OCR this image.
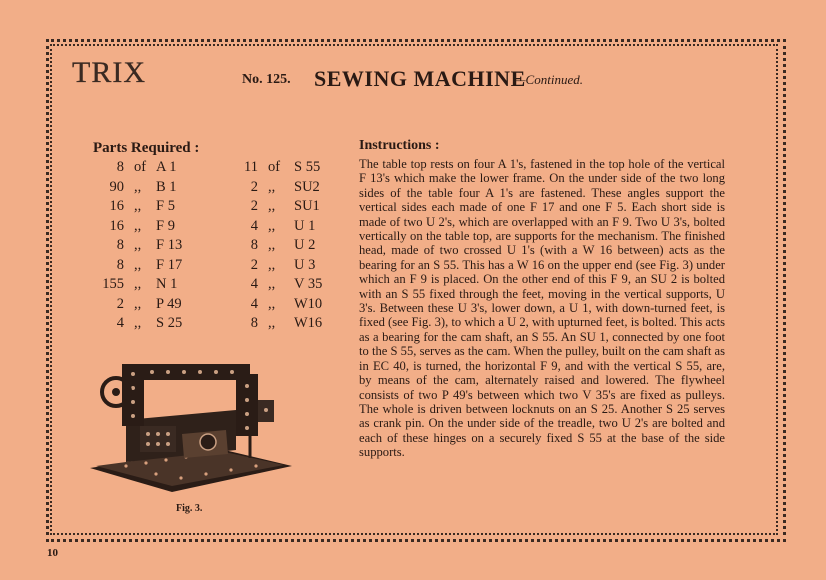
TRIX	No. 125. SEWING MACHINE
—Continued.
Parts Required :
8	of	A 1	11	of	S 55
90	,,	B 1	2	,,	SU2
16	,,	F 5	2	,,	SU1
16	,,	F 9	4	,,	U 1
8	,,	F 13	8	,,	U 2
8	,,	F 17	2	,,	U 3
155	,,	N 1	4	,,	V 35
2	,,	P 49	4	,,	W10
4	,,	S 25	8	,,	W16
Instructions :
The table top rests on four A 1's, fastened in the top hole of the vertical F 13's which make the lower frame. On the under side of the two long sides of the table four A 1's are fastened. These angles support the vertical sides each made of one F 17 and one F 5. Each short side is made of two U 2's, which are overlapped with an F 9. Two U 3's, bolted vertically on the table top, are supports for the mechanism. The finished head, made of two crossed U 1's (with a W 16 between) acts as the bearing for an S 55. This has a W 16 on the upper end (see Fig. 3) under which an F 9 is placed. On the other end of this F 9, an SU 2 is bolted with an S 55 fixed through the feet, moving in the vertical supports, U 3's. Between these U 3's, lower down, a U 1, with down-turned feet, is fixed (see Fig. 3), to which a U 2, with upturned feet, is bolted. This acts as a bearing for the cam shaft, an S 55. An SU 1, connected by one foot to the S 55, serves as the cam. When the pulley, built on the cam shaft as in EC 40, is turned, the horizontal F 9, and with the vertical S 55, are, by means of the cam, alternately raised and lowered. The flywheel consists of two P 49's between which two V 35's are fixed as pulleys. The whole is driven between locknuts on an S 25. Another S 25 serves as crank pin. On the under side of the treadle, two U 2's are bolted and each of these hinges on a securely fixed S 55 at the base of the side supports.
Fig. 3.
10
